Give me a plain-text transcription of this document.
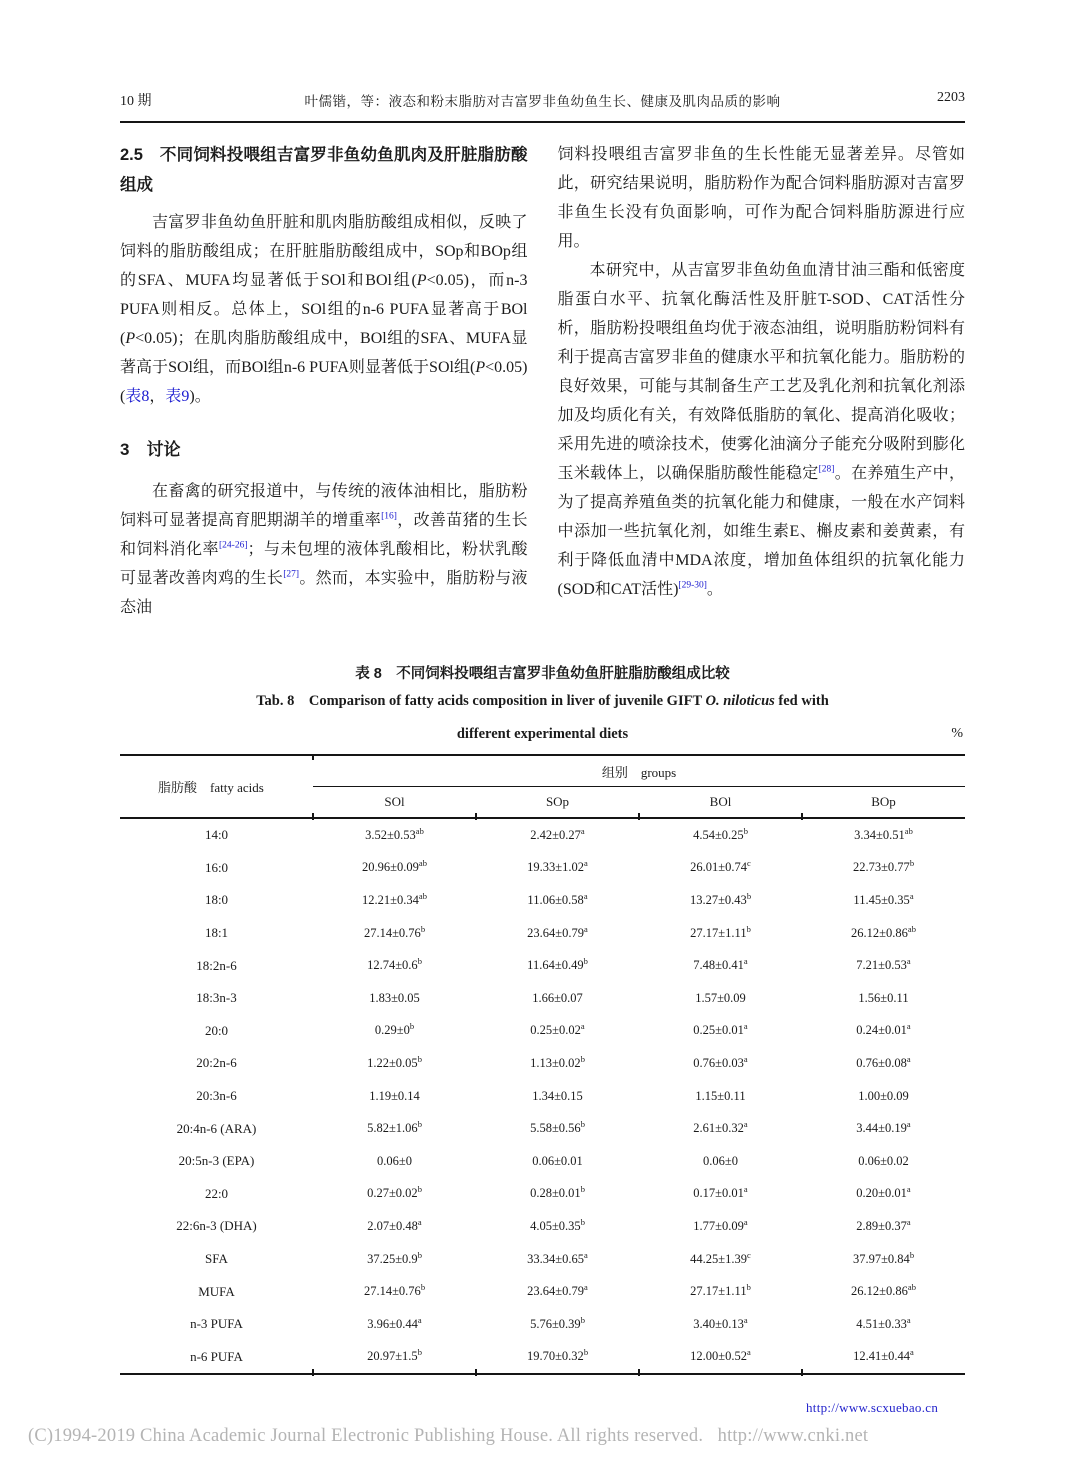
10 期	叶儒锴，等：液态和粉末脂肪对吉富罗非鱼幼鱼生长、健康及肌肉品质的影响	2203
2.5　不同饲料投喂组吉富罗非鱼幼鱼肌肉及肝脏脂肪酸组成

吉富罗非鱼幼鱼肝脏和肌肉脂肪酸组成相似，反映了饲料的脂肪酸组成；在肝脏脂肪酸组成中，SOp和BOp组的SFA、MUFA均显著低于SOl和BOl组(P<0.05)，而n-3 PUFA则相反。总体上，SOl组的n-6 PUFA显著高于BOl (P<0.05)；在肌肉脂肪酸组成中，BOl组的SFA、MUFA显著高于SOl组，而BOl组n-6 PUFA则显著低于SOl组(P<0.05)(表8，表9)。

3　讨论

在畜禽的研究报道中，与传统的液体油相比，脂肪粉饲料可显著提高育肥期湖羊的增重率[16]，改善苗猪的生长和饲料消化率[24-26]；与未包埋的液体乳酸相比，粉状乳酸可显著改善肉鸡的生长[27]。然而，本实验中，脂肪粉与液态油

饲料投喂组吉富罗非鱼的生长性能无显著差异。尽管如此，研究结果说明，脂肪粉作为配合饲料脂肪源对吉富罗非鱼生长没有负面影响，可作为配合饲料脂肪源进行应用。

本研究中，从吉富罗非鱼幼鱼血清甘油三酯和低密度脂蛋白水平、抗氧化酶活性及肝脏T-SOD、CAT活性分析，脂肪粉投喂组鱼均优于液态油组，说明脂肪粉饲料有利于提高吉富罗非鱼的健康水平和抗氧化能力。脂肪粉的良好效果，可能与其制备生产工艺及乳化剂和抗氧化剂添加及均质化有关，有效降低脂肪的氧化、提高消化吸收；采用先进的喷涂技术，使雾化油滴分子能充分吸附到膨化玉米载体上，以确保脂肪酸性能稳定[28]。在养殖生产中，为了提高养殖鱼类的抗氧化能力和健康，一般在水产饲料中添加一些抗氧化剂，如维生素E、槲皮素和姜黄素，有利于降低血清中MDA浓度，增加鱼体组织的抗氧化能力(SOD和CAT活性)[29-30]。

表 8　不同饲料投喂组吉富罗非鱼幼鱼肝脏脂肪酸组成比较
Tab. 8　Comparison of fatty acids composition in liver of juvenile GIFT O. niloticus fed with
different experimental diets	%
脂肪酸　fatty acids	组别　groups			
	SOl	SOp	BOl	BOp
14:0	3.52±0.53$^{ab}$	2.42±0.27$^a$	4.54±0.25$^b$	3.34±0.51$^{ab}$
16:0	20.96±0.09$^{ab}$	19.33±1.02$^a$	26.01±0.74$^c$	22.73±0.77$^b$
18:0	12.21±0.34$^{ab}$	11.06±0.58$^a$	13.27±0.43$^b$	11.45±0.35$^a$
18:1	27.14±0.76$^b$	23.64±0.79$^a$	27.17±1.11$^b$	26.12±0.86$^{ab}$
18:2n-6	12.74±0.6$^b$	11.64±0.49$^b$	7.48±0.41$^a$	7.21±0.53$^a$
18:3n-3	1.83±0.05	1.66±0.07	1.57±0.09	1.56±0.11
20:0	$0.29\pm 0^b$	0.25±0.02$^a$	0.25±0.01$^a$	0.24±0.01$^a$
20:2n-6	1.22±0.05$^b$	1.13±0.02$^b$	0.76±0.03$^a$	0.76±0.08$^a$
20:3n-6	1.19±0.14	1.34±0.15	1.15±0.11	1.00±0.09
20:4n-6 (ARA)	5.82±1.06$^b$	5.58±0.56$^b$	2.61±0.32$^a$	3.44±0.19$^a$
20:5n-3 (EPA)	0.06±0	0.06±0.01	0.06±0	0.06±0.02
22:0	0.27±0.02$^b$	0.28±0.01$^b$	0.17±0.01$^a$	0.20±0.01$^a$
22:6n-3 (DHA)	2.07±0.48$^a$	4.05±0.35$^b$	1.77±0.09$^a$	2.89±0.37$^a$
SFA	37.25±0.9$^b$	33.34±0.65$^a$	44.25±1.39$^c$	37.97±0.84$^b$
MUFA	27.14±0.76$^b$	23.64±0.79$^a$	27.17±1.11$^b$	26.12±0.86$^{ab}$
n-3 PUFA	3.96±0.44$^a$	5.76±0.39$^b$	3.40±0.13$^a$	4.51±0.33$^a$
n-6 PUFA	20.97±1.5$^b$	19.70±0.32$^b$	12.00±0.52$^a$	12.41±0.44$^a$
http://www.scxuebao.cn
(C)1994-2019 China Academic Journal Electronic Publishing House. All rights reserved.   http://www.cnki.net
